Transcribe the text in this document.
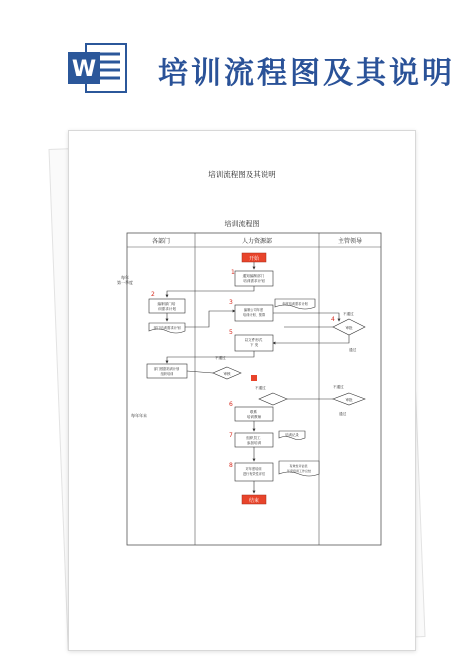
W 培训流程图及其说明
培训流程图及其说明
培训流程图
各部门	人力资源部	主管领导
每年 第一季度
每年年末
1
2
3
4
5
6
7
8
开始
通知编制部门 培训需求计划
编制部门培 训需求计划
部门培训需求计划
编制公司年度 培训计划、预算
年度培训需求计划
审批
不通过
通过
以文件形式 下 发
部门根据培训计划 组织培训
不通过
审核
不通过
审批
不通过
通过
联系 培训教师
组织员工 参加培训
培训记录
对年度培训 进行有效性评估
有效性评估表 年度培训工作总结
结束
